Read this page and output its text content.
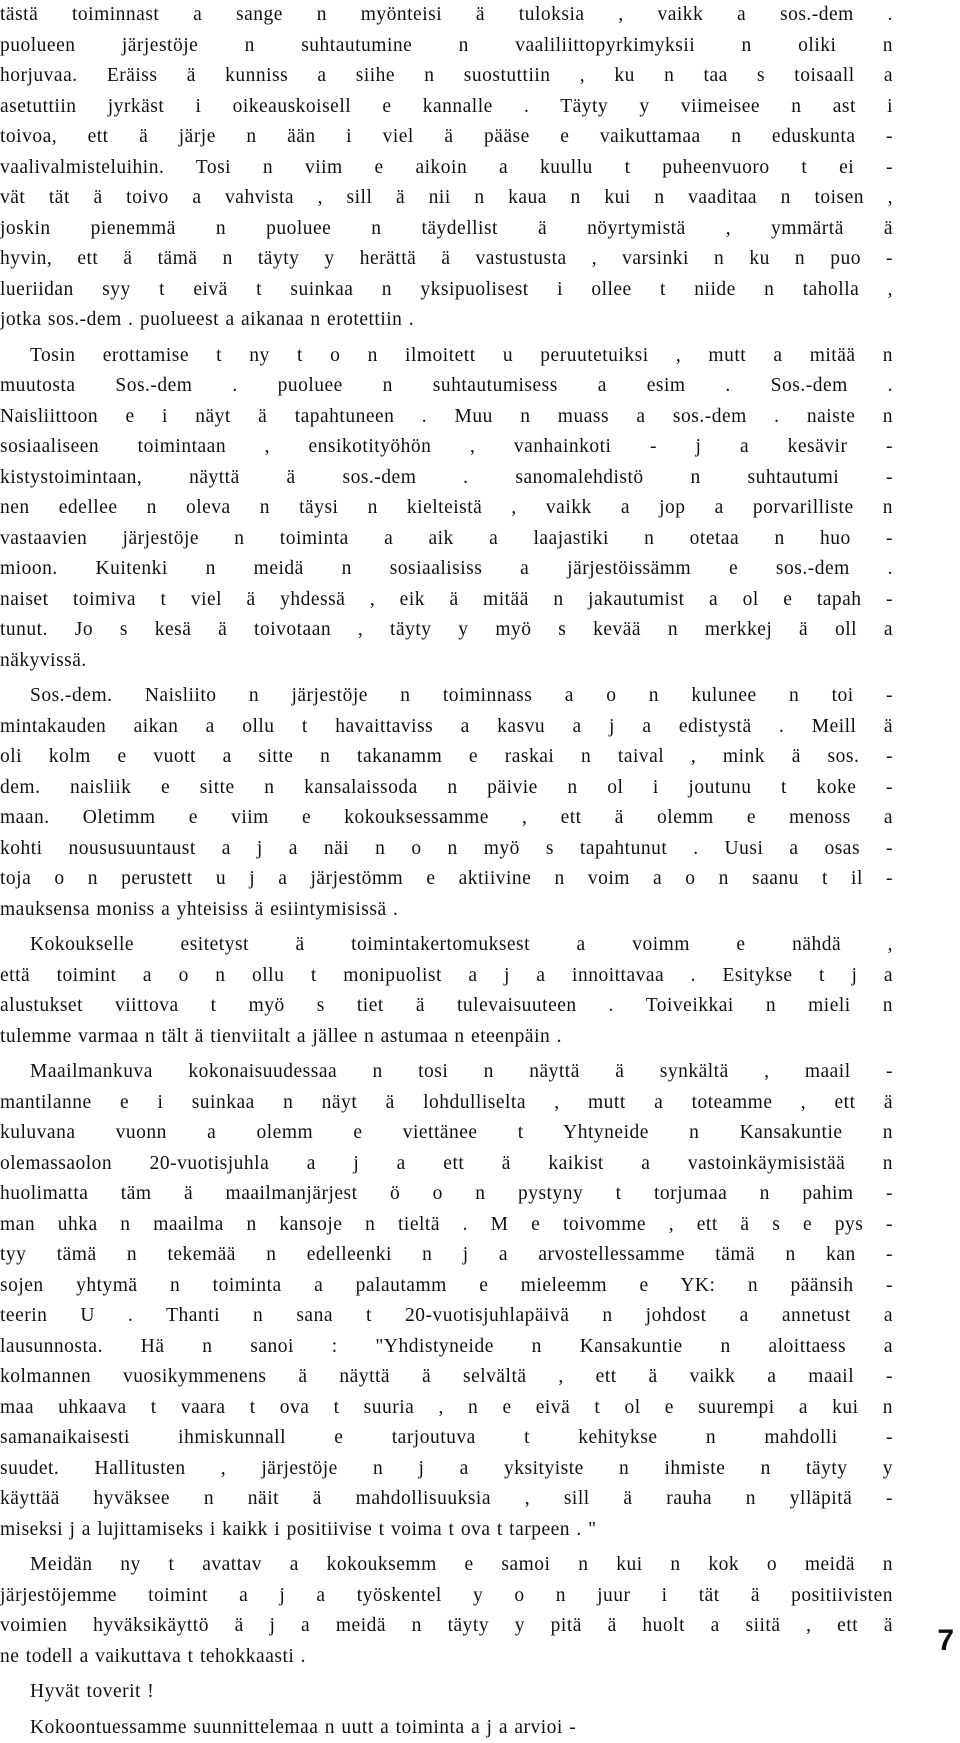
tästä toiminnast a sange n myönteisi ä tuloksia , vaikk a sos.-dem .
puolueen järjestöje n suhtautumine n vaaliliittopyrkimyksii n oliki n
horjuvaa. Eräiss ä kunniss a siihe n suostuttiin , ku n taa s toisaall a
asetuttiin jyrkäst i oikeauskoisell e kannalle . Täyty y viimeisee n ast i
toivoa, ett ä järje n ään i viel ä pääse e vaikuttamaa n eduskunta -
vaalivalmisteluihin. Tosi n viim e aikoin a kuullu t puheenvuoro t ei -
vät tät ä toivo a vahvista , sill ä nii n kaua n kui n vaaditaa n toisen ,
joskin pienemmä n puoluee n täydellist ä nöyrtymistä , ymmärtä ä
hyvin, ett ä tämä n täyty y herättä ä vastustusta , varsinki n ku n puo -
lueriidan syy t eivä t suinkaa n yksipuolisest i ollee t niide n taholla ,
jotka sos.-dem . puolueest a aikanaa n erotettiin .
Tosin erottamise t ny t o n ilmoitett u peruutetuiksi , mutt a mitää n
muutosta Sos.-dem . puoluee n suhtautumisess a esim . Sos.-dem .
Naisliittoon e i näyt ä tapahtuneen . Muu n muass a sos.-dem . naiste n
sosiaaliseen toimintaan , ensikotityöhön , vanhainkoti - j a kesävir -
kistystoimintaan, näyttä ä sos.-dem . sanomalehdistö n suhtautumi -
nen edellee n oleva n täysi n kielteistä , vaikk a jop a porvarilliste n
vastaavien järjestöje n toiminta a aik a laajastiki n otetaa n huo -
mioon. Kuitenki n meidä n sosiaalisiss a järjestöissämm e sos.-dem .
naiset toimiva t viel ä yhdessä , eik ä mitää n jakautumist a ol e tapah -
tunut. Jo s kesä ä toivotaan , täyty y myö s kevää n merkkej ä oll a
näkyvissä.
Sos.-dem. Naisliito n järjestöje n toiminnass a o n kulunee n toi -
mintakauden aikan a ollu t havaittaviss a kasvu a j a edistystä . Meill ä
oli kolm e vuott a sitte n takanamm e raskai n taival , mink ä sos. -
dem. naisliik e sitte n kansalaissoda n päivie n ol i joutunu t koke -
maan. Oletimm e viim e kokouksessamme , ett ä olemm e menoss a
kohti noususuuntaust a j a näi n o n myö s tapahtunut . Uusi a osas -
toja o n perustett u j a järjestömm e aktiivine n voim a o n saanu t il -
mauksensa moniss a yhteisiss ä esiintymisissä .
Kokoukselle esitetyst ä toimintakertomuksest a voimm e nähdä ,
että toimint a o n ollu t monipuolist a j a innoittavaa . Esitykse t j a
alustukset viittova t myö s tiet ä tulevaisuuteen . Toiveikkai n mieli n
tulemme varmaa n tält ä tienviitalt a jällee n astumaa n eteenpäin .
Maailmankuva kokonaisuudessaa n tosi n näyttä ä synkältä , maail -
mantilanne e i suinkaa n näyt ä lohdulliselta , mutt a toteamme , ett ä
kuluvana vuonn a olemm e viettänee t Yhtyneide n Kansakuntie n
olemassaolon 20-vuotisjuhla a j a ett ä kaikist a vastoinkäymisistää n
huolimatta täm ä maailmanjärjest ö o n pystyny t torjumaa n pahim -
man uhka n maailma n kansoje n tieltä . M e toivomme , ett ä s e pys -
tyy tämä n tekemää n edelleenki n j a arvostellessamme tämä n kan -
sojen yhtymä n toiminta a palautamm e mieleemm e YK: n päänsih -
teerin U . Thanti n sana t 20-vuotisjuhlapäivä n johdost a annetust a
lausunnosta. Hä n sanoi : "Yhdistyneide n Kansakuntie n aloittaess a
kolmannen vuosikymmenens ä näyttä ä selvältä , ett ä vaikk a maail -
maa uhkaava t vaara t ova t suuria , n e eivä t ol e suurempi a kui n
samanaikaisesti ihmiskunnall e tarjoutuva t kehitykse n mahdolli -
suudet. Hallitusten , järjestöje n j a yksityiste n ihmiste n täyty y
käyttää hyväksee n näit ä mahdollisuuksia , sill ä rauha n ylläpitä -
miseksi j a lujittamiseks i kaikk i positiivise t voima t ova t tarpeen . "
Meidän ny t avattav a kokouksemm e samoi n kui n kok o meidä n
järjestöjemme toimint a j a työskentel y o n juur i tät ä positiivisten
voimien hyväksikäyttö ä j a meidä n täyty y pitä ä huolt a siitä , ett ä
ne todell a vaikuttava t tehokkaasti .
Hyvät toverit !
Kokoontuessamme suunnittelemaa n uutt a toiminta a j a arvioi -
7
